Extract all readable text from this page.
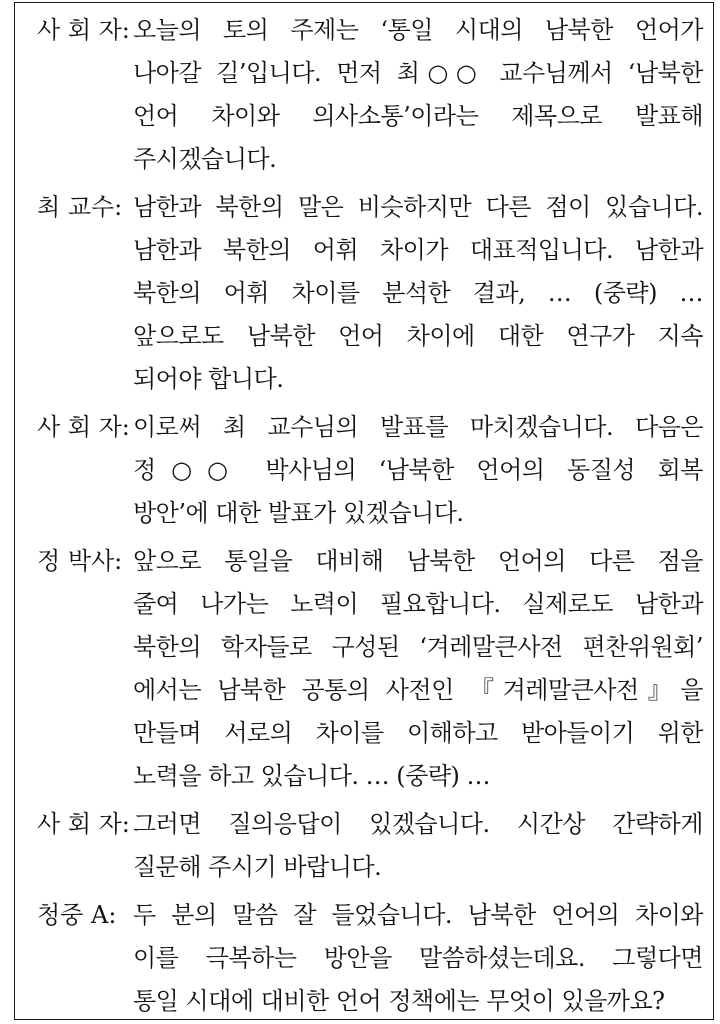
사 회 자: 오늘의 토의 주제는 ‘통일 시대의 남북한 언어가
나아갈 길’입니다. 먼저 최○○ 교수님께서 ‘남북한
언어 차이와 의사소통’이라는 제목으로 발표해
주시겠습니다.
최 교수: 남한과 북한의 말은 비슷하지만 다른 점이 있습니다.
남한과 북한의 어휘 차이가 대표적입니다. 남한과
북한의 어휘 차이를 분석한 결과, … (중략) …
앞으로도 남북한 언어 차이에 대한 연구가 지속
되어야 합니다.
사 회 자: 이로써 최 교수님의 발표를 마치겠습니다. 다음은
정○○ 박사님의 ‘남북한 언어의 동질성 회복
방안’에 대한 발표가 있겠습니다.
정 박사: 앞으로 통일을 대비해 남북한 언어의 다른 점을
줄여 나가는 노력이 필요합니다. 실제로도 남한과
북한의 학자들로 구성된 ‘겨레말큰사전 편찬위원회’
에서는 남북한 공통의 사전인 『겨레말큰사전』을
만들며 서로의 차이를 이해하고 받아들이기 위한
노력을 하고 있습니다. … (중략) …
사 회 자: 그러면 질의응답이 있겠습니다. 시간상 간략하게
질문해 주시기 바랍니다.
청중 A: 두 분의 말씀 잘 들었습니다. 남북한 언어의 차이와
이를 극복하는 방안을 말씀하셨는데요. 그렇다면
통일 시대에 대비한 언어 정책에는 무엇이 있을까요?
